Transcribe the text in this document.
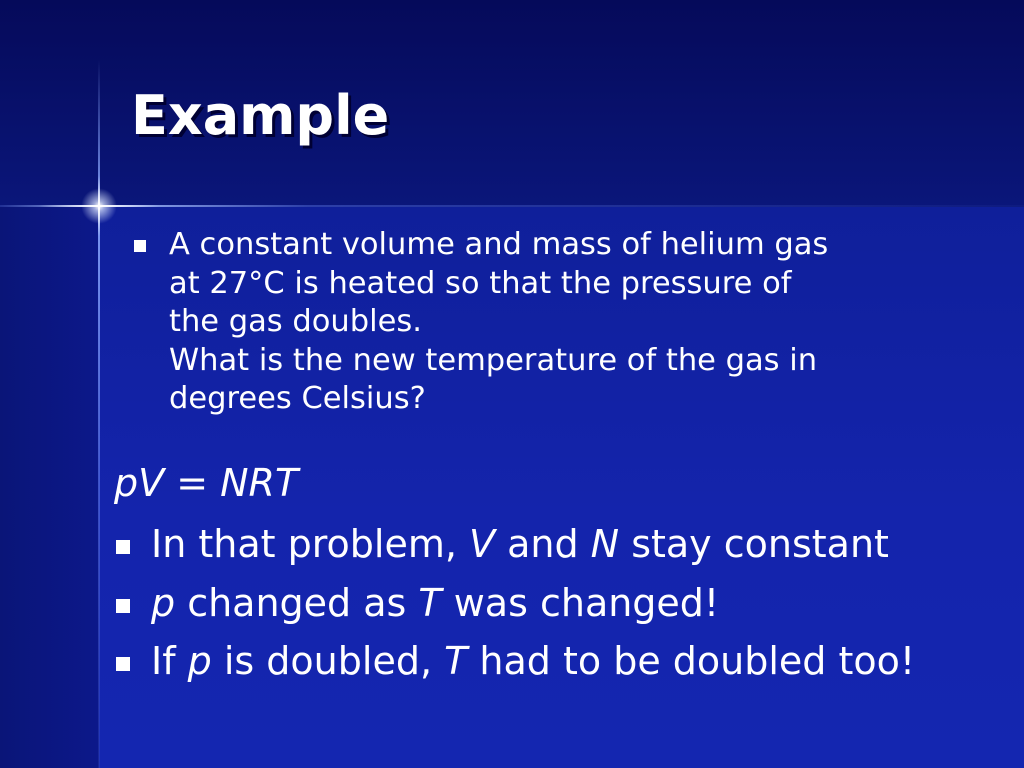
Example
A constant volume and mass of helium gas
at 27°C is heated so that the pressure of
the gas doubles.
What is the new temperature of the gas in
degrees Celsius?
pV = NRT
In that problem, V and N stay constant
p changed as T was changed!
If p is doubled, T had to be doubled too!
